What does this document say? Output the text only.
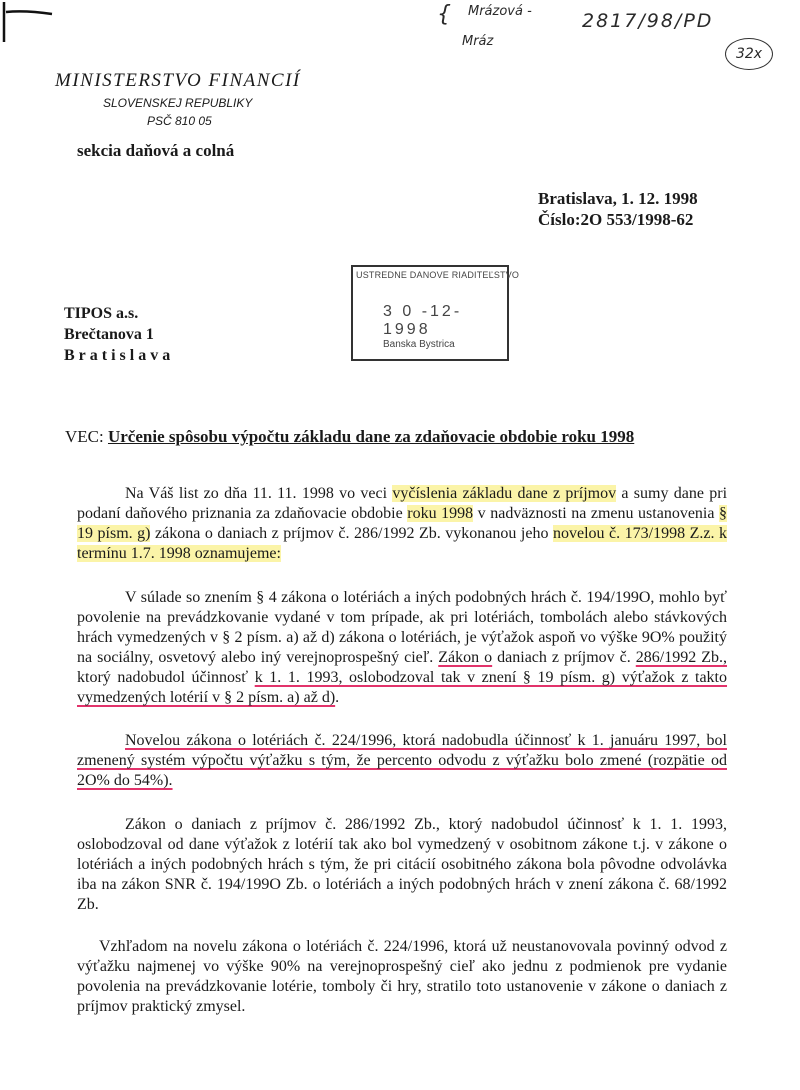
{ Mrázová -
Mráz
2817/98/PD
32x
MINISTERSTVO FINANCIÍ
SLOVENSKEJ REPUBLIKY
PSČ 810 05
sekcia daňová a colná
Bratislava, 1. 12. 1998
Číslo:2O 553/1998-62
USTREDNE DANOVE RIADITEĽSTVO
3 0 -12- 1998
Banska Bystrica
TIPOS a.s.
Brečtanova 1
Bratislava
VEC: Určenie spôsobu výpočtu základu dane za zdaňovacie obdobie roku 1998
Na Váš list zo dňa 11. 11. 1998 vo veci vyčíslenia základu dane z príjmov a sumy dane pri podaní daňového priznania za zdaňovacie obdobie roku 1998 v nadväznosti na zmenu ustanovenia § 19 písm. g) zákona o daniach z príjmov č. 286/1992 Zb. vykonanou jeho novelou č. 173/1998 Z.z. k termínu 1.7. 1998 oznamujeme:
V súlade so znením § 4 zákona o lotériách a iných podobných hrách č. 194/199O, mohlo byť povolenie na prevádzkovanie vydané v tom prípade, ak pri lotériách, tombolách alebo stávkových hrách vymedzených v § 2 písm. a) až d) zákona o lotériách, je výťažok aspoň vo výške 9O% použitý na sociálny, osvetový alebo iný verejnoprospešný cieľ. Zákon o daniach z príjmov č. 286/1992 Zb., ktorý nadobudol účinnosť k 1. 1. 1993, oslobodzoval tak v znení § 19 písm. g) výťažok z takto vymedzených lotérií v § 2 písm. a) až d).
Novelou zákona o lotériách č. 224/1996, ktorá nadobudla účinnosť k 1. januáru 1997, bol zmenený systém výpočtu výťažku s tým, že percento odvodu z výťažku bolo zmené (rozpätie od 2O% do 54%).
Zákon o daniach z príjmov č. 286/1992 Zb., ktorý nadobudol účinnosť k 1. 1. 1993, oslobodzoval od dane výťažok z lotérií tak ako bol vymedzený v osobitnom zákone t.j. v zákone o lotériách a iných podobných hrách s tým, že pri citácií osobitného zákona bola pôvodne odvolávka iba na zákon SNR č. 194/199O Zb. o lotériách a iných podobných hrách v znení zákona č. 68/1992 Zb.
Vzhľadom na novelu zákona o lotériách č. 224/1996, ktorá už neustanovovala povinný odvod z výťažku najmenej vo výške 90% na verejnoprospešný cieľ ako jednu z podmienok pre vydanie povolenia na prevádzkovanie lotérie, tomboly či hry, stratilo toto ustanovenie v zákone o daniach z príjmov praktický zmysel.
